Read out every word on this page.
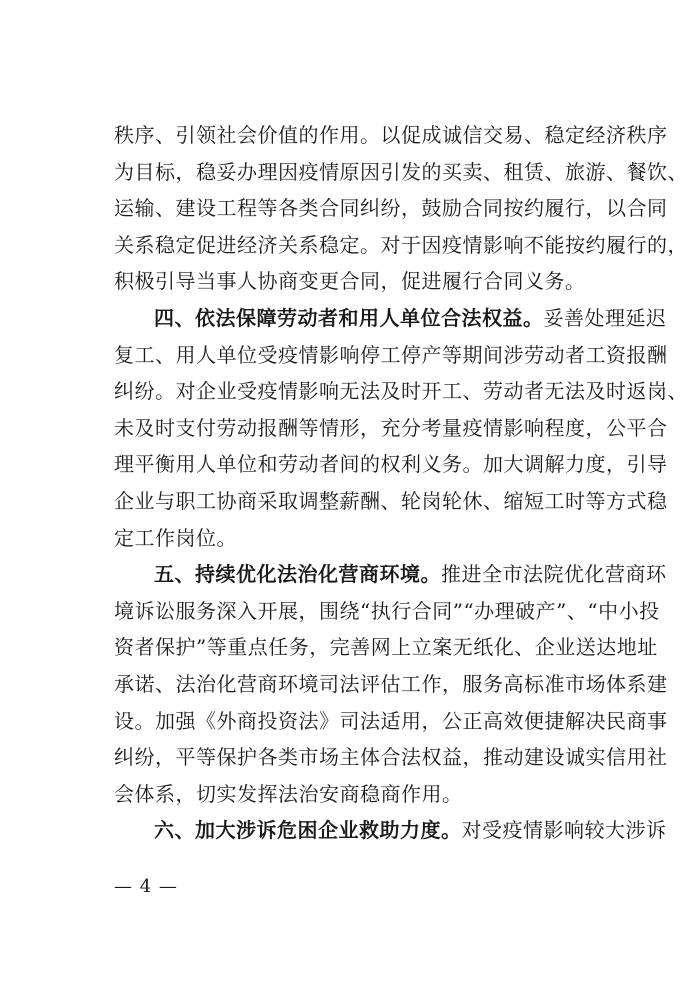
秩序、引领社会价值的作用。以促成诚信交易、稳定经济秩序
为目标，稳妥办理因疫情原因引发的买卖、租赁、旅游、餐饮、
运输、建设工程等各类合同纠纷，鼓励合同按约履行，以合同
关系稳定促进经济关系稳定。对于因疫情影响不能按约履行的，
积极引导当事人协商变更合同，促进履行合同义务。
四、依法保障劳动者和用人单位合法权益。妥善处理延迟
复工、用人单位受疫情影响停工停产等期间涉劳动者工资报酬
纠纷。对企业受疫情影响无法及时开工、劳动者无法及时返岗、
未及时支付劳动报酬等情形，充分考量疫情影响程度，公平合
理平衡用人单位和劳动者间的权利义务。加大调解力度，引导
企业与职工协商采取调整薪酬、轮岗轮休、缩短工时等方式稳
定工作岗位。
五、持续优化法治化营商环境。推进全市法院优化营商环
境诉讼服务深入开展，围绕“执行合同”“办理破产”、“中小投
资者保护”等重点任务，完善网上立案无纸化、企业送达地址
承诺、法治化营商环境司法评估工作，服务高标准市场体系建
设。加强《外商投资法》司法适用，公正高效便捷解决民商事
纠纷，平等保护各类市场主体合法权益，推动建设诚实信用社
会体系，切实发挥法治安商稳商作用。
六、加大涉诉危困企业救助力度。对受疫情影响较大涉诉
— 4 —
